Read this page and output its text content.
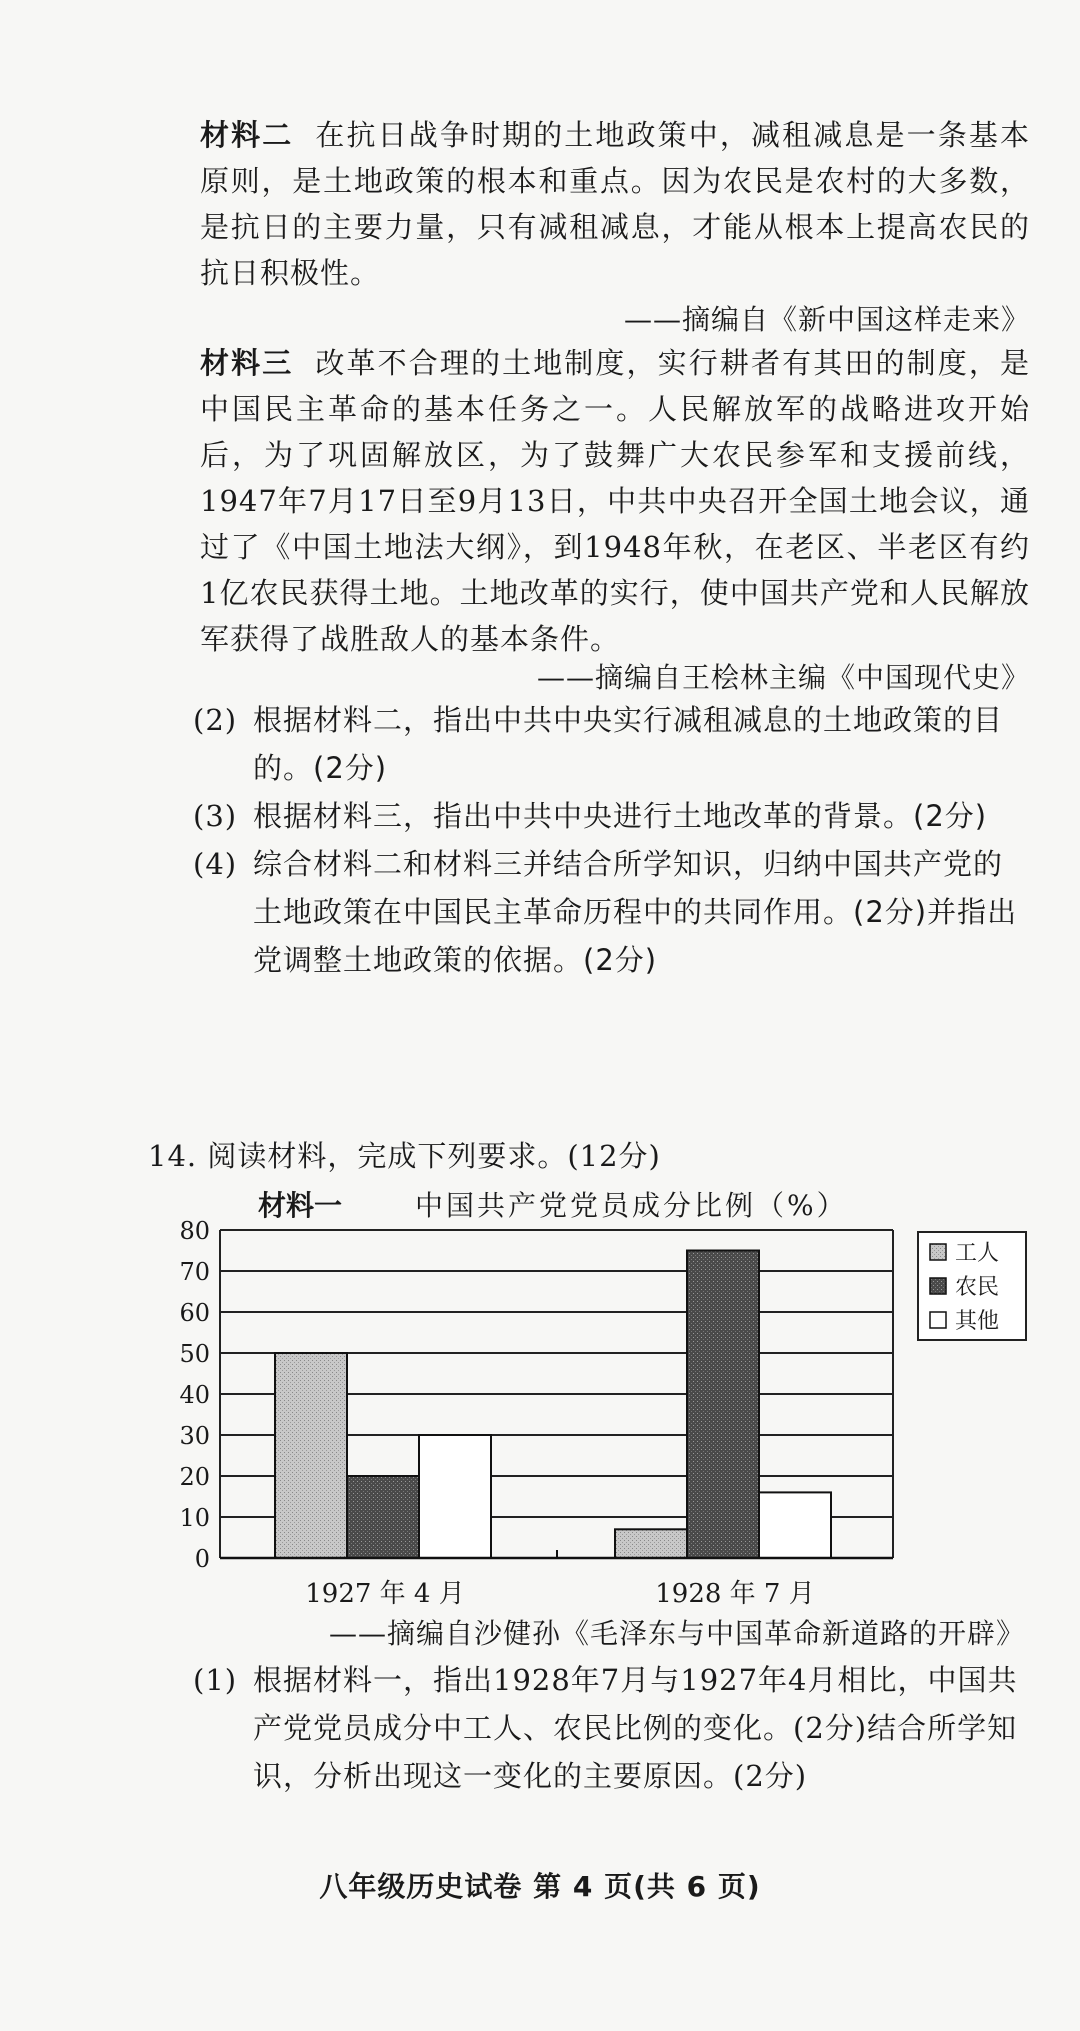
材料二 在抗日战争时期的土地政策中，减租减息是一条基本原则，是土地政策的根本和重点。因为农民是农村的大多数，是抗日的主要力量，只有减租减息，才能从根本上提高农民的抗日积极性。
——摘编自《新中国这样走来》
材料三 改革不合理的土地制度，实行耕者有其田的制度，是中国民主革命的基本任务之一。人民解放军的战略进攻开始后，为了巩固解放区，为了鼓舞广大农民参军和支援前线，1947年7月17日至9月13日，中共中央召开全国土地会议，通过了《中国土地法大纲》，到1948年秋，在老区、半老区有约1亿农民获得土地。土地改革的实行，使中国共产党和人民解放军获得了战胜敌人的基本条件。
——摘编自王桧林主编《中国现代史》
(2) 根据材料二，指出中共中央实行减租减息的土地政策的目的。(2分)
(3) 根据材料三，指出中共中央进行土地改革的背景。(2分)
(4) 综合材料二和材料三并结合所学知识，归纳中国共产党的土地政策在中国民主革命历程中的共同作用。(2分)并指出党调整土地政策的依据。(2分)
14. 阅读材料，完成下列要求。(12分)
材料一	中国共产党党员成分比例（%）
0
10
20
30
40
50
60
70
80
1927 年 4 月	1928 年 7 月
工人
农民
其他
——摘编自沙健孙《毛泽东与中国革命新道路的开辟》
(1) 根据材料一，指出1928年7月与1927年4月相比，中国共产党党员成分中工人、农民比例的变化。(2分)结合所学知识，分析出现这一变化的主要原因。(2分)
八年级历史试卷 第 4 页(共 6 页)
